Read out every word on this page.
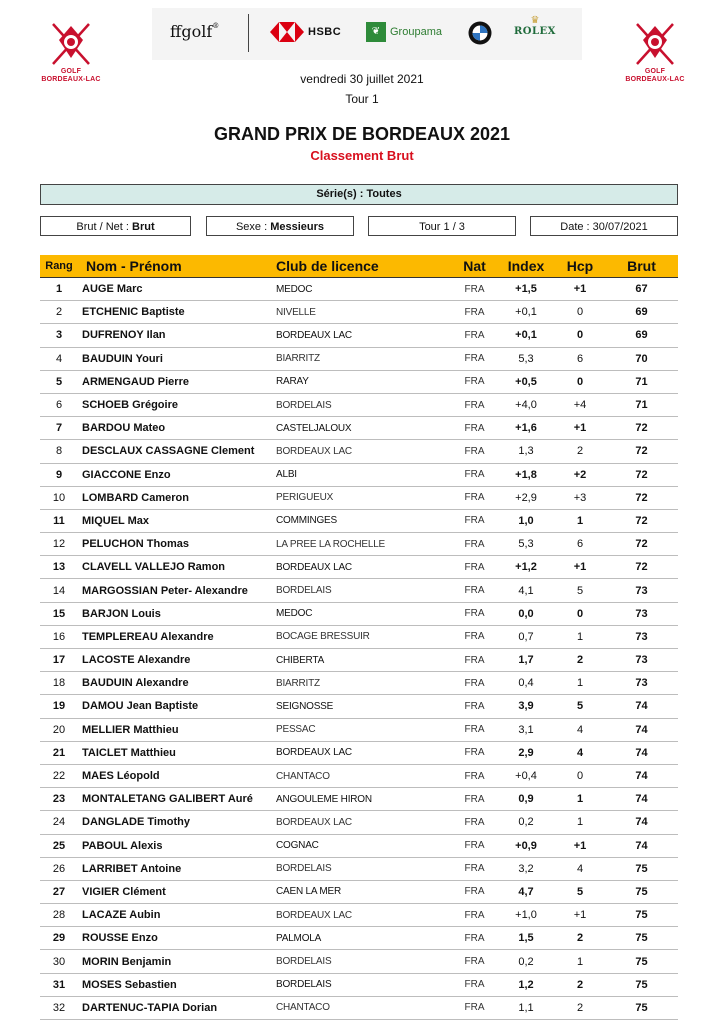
GOLF
BORDEAUX-LAC
GOLF
BORDEAUX-LAC
ffgolf®	HSBC	❦ Groupama
♛
ROLEX
vendredi 30 juillet 2021
Tour 1
GRAND PRIX DE BORDEAUX 2021
Classement Brut
Série(s) : Toutes
Brut / Net : Brut	Sexe : Messieurs	Tour 1 / 3	Date : 30/07/2021
Rang Nom - Prénom	Club de licence	Nat	Index	Hcp	Brut
1	AUGE Marc	MEDOC	FRA	+1,5	+1	67
2	ETCHENIC Baptiste	NIVELLE	FRA	+0,1	0	69
3	DUFRENOY Ilan	BORDEAUX LAC	FRA	+0,1	0	69
4	BAUDUIN Youri	BIARRITZ	FRA	5,3	6	70
5	ARMENGAUD Pierre	RARAY	FRA	+0,5	0	71
6	SCHOEB Grégoire	BORDELAIS	FRA	+4,0	+4	71
7	BARDOU Mateo	CASTELJALOUX	FRA	+1,6	+1	72
8	DESCLAUX CASSAGNE Clement	BORDEAUX LAC	FRA	1,3	2	72
9	GIACCONE Enzo	ALBI	FRA	+1,8	+2	72
10	LOMBARD Cameron	PERIGUEUX	FRA	+2,9	+3	72
11	MIQUEL Max	COMMINGES	FRA	1,0	1	72
12	PELUCHON Thomas	LA PREE LA ROCHELLE	FRA	5,3	6	72
13	CLAVELL VALLEJO Ramon	BORDEAUX LAC	FRA	+1,2	+1	72
14	MARGOSSIAN Peter- Alexandre	BORDELAIS	FRA	4,1	5	73
15	BARJON Louis	MEDOC	FRA	0,0	0	73
16	TEMPLEREAU Alexandre	BOCAGE BRESSUIR	FRA	0,7	1	73
17	LACOSTE Alexandre	CHIBERTA	FRA	1,7	2	73
18	BAUDUIN Alexandre	BIARRITZ	FRA	0,4	1	73
19	DAMOU Jean Baptiste	SEIGNOSSE	FRA	3,9	5	74
20	MELLIER Matthieu	PESSAC	FRA	3,1	4	74
21	TAICLET Matthieu	BORDEAUX LAC	FRA	2,9	4	74
22	MAES Léopold	CHANTACO	FRA	+0,4	0	74
23	MONTALETANG GALIBERT Auré	ANGOULEME HIRON	FRA	0,9	1	74
24	DANGLADE Timothy	BORDEAUX LAC	FRA	0,2	1	74
25	PABOUL Alexis	COGNAC	FRA	+0,9	+1	74
26	LARRIBET Antoine	BORDELAIS	FRA	3,2	4	75
27	VIGIER Clément	CAEN LA MER	FRA	4,7	5	75
28	LACAZE Aubin	BORDEAUX LAC	FRA	+1,0	+1	75
29	ROUSSE Enzo	PALMOLA	FRA	1,5	2	75
30	MORIN Benjamin	BORDELAIS	FRA	0,2	1	75
31	MOSES Sebastien	BORDELAIS	FRA	1,2	2	75
32	DARTENUC-TAPIA Dorian	CHANTACO	FRA	1,1	2	75
